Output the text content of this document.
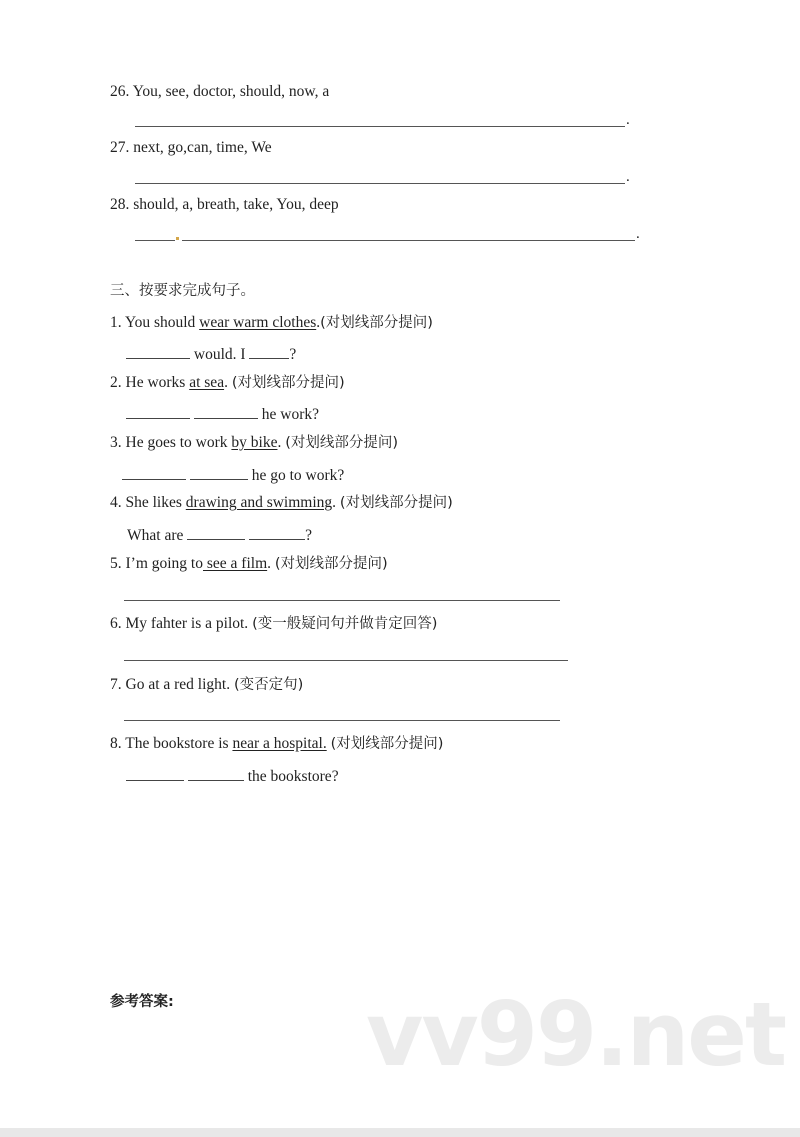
26. You, see, doctor, should, now, a
.
27. next, go,can, time, We
.
28. should, a, breath, take, You, deep
.
三、按要求完成句子。
1. You should wear warm clothes.(对划线部分提问)
would. I	?
2. He works at sea. (对划线部分提问)
he work?
3. He goes to work by bike. (对划线部分提问)
he go to work?
4. She likes drawing and swimming. (对划线部分提问)
What are	?
5. I’m going to see a film. (对划线部分提问)
6. My fahter is a pilot. (变一般疑问句并做肯定回答)
7. Go at a red light. (变否定句)
8. The bookstore is near a hospital. (对划线部分提问)
the bookstore?
参考答案: vv99.net
